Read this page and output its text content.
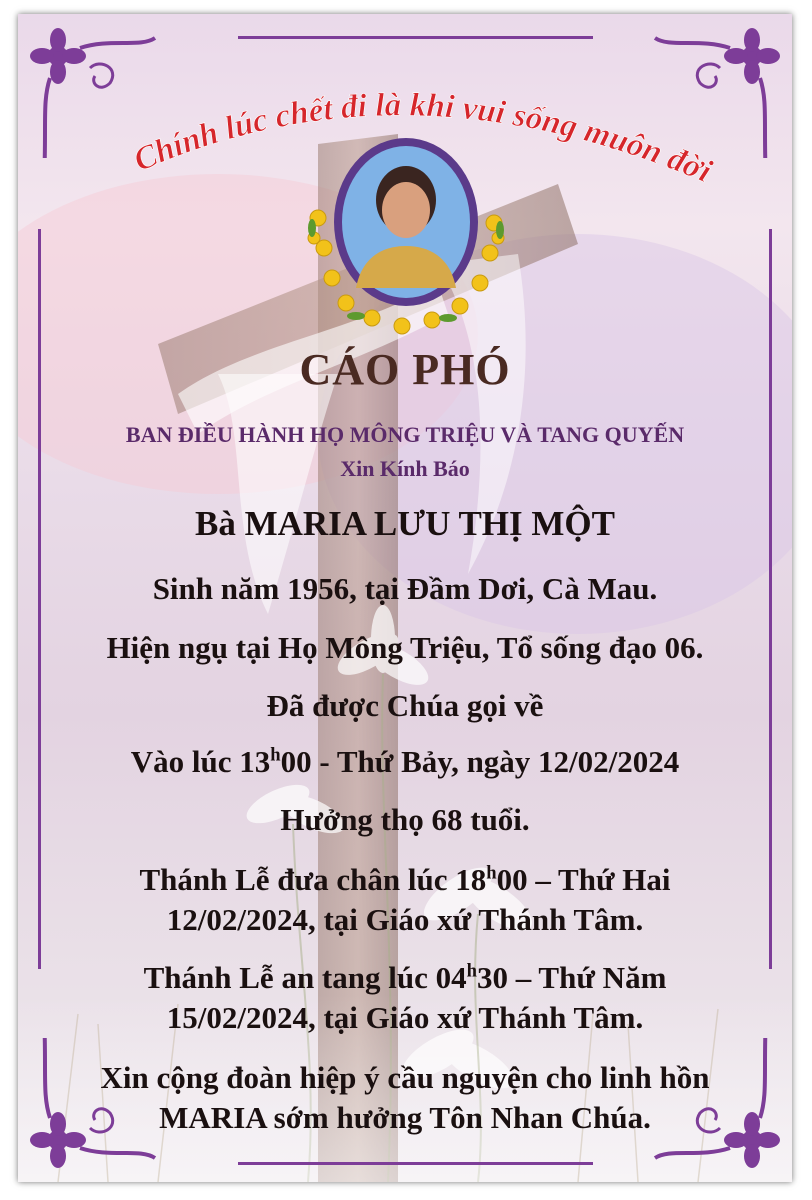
Chính lúc chết đi là khi vui sống muôn đời
CÁO PHÓ
BAN ĐIỀU HÀNH HỌ MÔNG TRIỆU VÀ TANG QUYẾN
Xin Kính Báo
Bà MARIA LƯU THỊ MỘT
Sinh năm 1956, tại Đầm Dơi, Cà Mau.
Hiện ngụ tại Họ Mông Triệu, Tổ sống đạo 06.
Đã được Chúa gọi về
Vào lúc 13$^h$00 - Thứ Bảy, ngày 12/02/2024
Hưởng thọ 68 tuổi.
Thánh Lễ đưa chân lúc 18$^h$00 – Thứ Hai
12/02/2024, tại Giáo xứ Thánh Tâm.
Thánh Lễ an tang lúc 04$^h$30 – Thứ Năm
15/02/2024, tại Giáo xứ Thánh Tâm.
Xin cộng đoàn hiệp ý cầu nguyện cho linh hồn
MARIA sớm hưởng Tôn Nhan Chúa.
